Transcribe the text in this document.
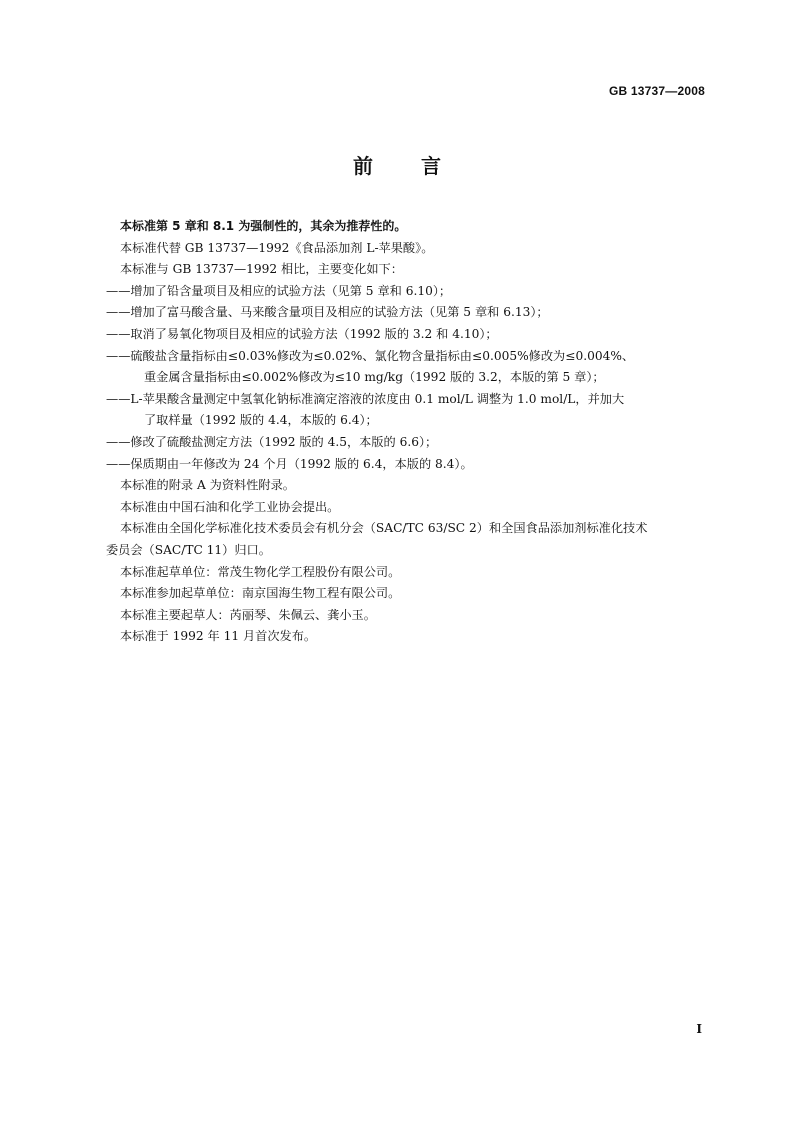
GB 13737—2008
前 言

本标准第 5 章和 8.1 为强制性的，其余为推荐性的。

本标准代替 GB 13737—1992《食品添加剂 L-苹果酸》。

本标准与 GB 13737—1992 相比，主要变化如下：

——增加了铅含量项目及相应的试验方法（见第 5 章和 6.10）；

——增加了富马酸含量、马来酸含量项目及相应的试验方法（见第 5 章和 6.13）；

——取消了易氧化物项目及相应的试验方法（1992 版的 3.2 和 4.10）；

——硫酸盐含量指标由≤0.03%修改为≤0.02%、氯化物含量指标由≤0.005%修改为≤0.004%、

重金属含量指标由≤0.002%修改为≤10 mg/kg（1992 版的 3.2，本版的第 5 章）；

——L-苹果酸含量测定中氢氧化钠标准滴定溶液的浓度由 0.1 mol/L 调整为 1.0 mol/L，并加大

了取样量（1992 版的 4.4，本版的 6.4）；

——修改了硫酸盐测定方法（1992 版的 4.5，本版的 6.6）；

——保质期由一年修改为 24 个月（1992 版的 6.4，本版的 8.4）。

本标准的附录 A 为资料性附录。

本标准由中国石油和化学工业协会提出。

本标准由全国化学标准化技术委员会有机分会（SAC/TC 63/SC 2）和全国食品添加剂标准化技术

委员会（SAC/TC 11）归口。

本标准起草单位：常茂生物化学工程股份有限公司。

本标准参加起草单位：南京国海生物工程有限公司。

本标准主要起草人：芮丽琴、朱佩云、龚小玉。

本标准于 1992 年 11 月首次发布。

I
